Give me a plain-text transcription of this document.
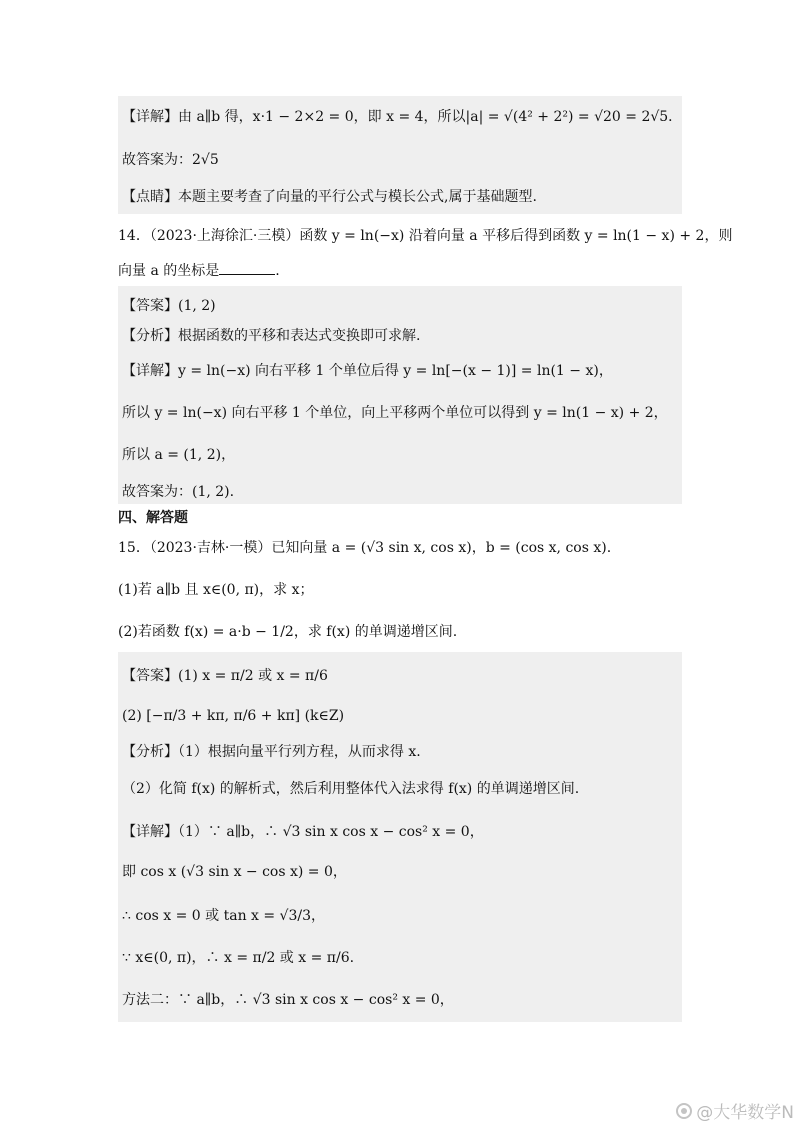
【详解】由 a∥b 得，x·1 − 2×2 = 0，即 x = 4，所以|a| = √(4² + 2²) = √20 = 2√5．
故答案为：2√5
【点睛】本题主要考查了向量的平行公式与模长公式,属于基础题型.
14．（2023·上海徐汇·三模）函数 y = ln(−x) 沿着向量 a 平移后得到函数 y = ln(1 − x) + 2，则
向量 a 的坐标是	.
【答案】(1, 2)
【分析】根据函数的平移和表达式变换即可求解.
【详解】y = ln(−x) 向右平移 1 个单位后得 y = ln[−(x − 1)] = ln(1 − x)，
所以 y = ln(−x) 向右平移 1 个单位，向上平移两个单位可以得到 y = ln(1 − x) + 2，
所以 a = (1, 2)，
故答案为：(1, 2).
四、解答题
15．（2023·吉林·一模）已知向量 a = (√3 sin x, cos x)，b = (cos x, cos x).
(1)若 a∥b 且 x∈(0, π)，求 x；
(2)若函数 f(x) = a·b − 1/2，求 f(x) 的单调递增区间.
【答案】(1) x = π/2 或 x = π/6
(2) [−π/3 + kπ, π/6 + kπ] (k∈Z)
【分析】（1）根据向量平行列方程，从而求得 x.
（2）化简 f(x) 的解析式，然后利用整体代入法求得 f(x) 的单调递增区间.
【详解】（1）∵ a∥b，∴ √3 sin x cos x − cos² x = 0，
即 cos x (√3 sin x − cos x) = 0，
∴ cos x = 0 或 tan x = √3/3，
∵ x∈(0, π)，∴ x = π/2 或 x = π/6.
方法二：∵ a∥b，∴ √3 sin x cos x − cos² x = 0，
@大华数学N
